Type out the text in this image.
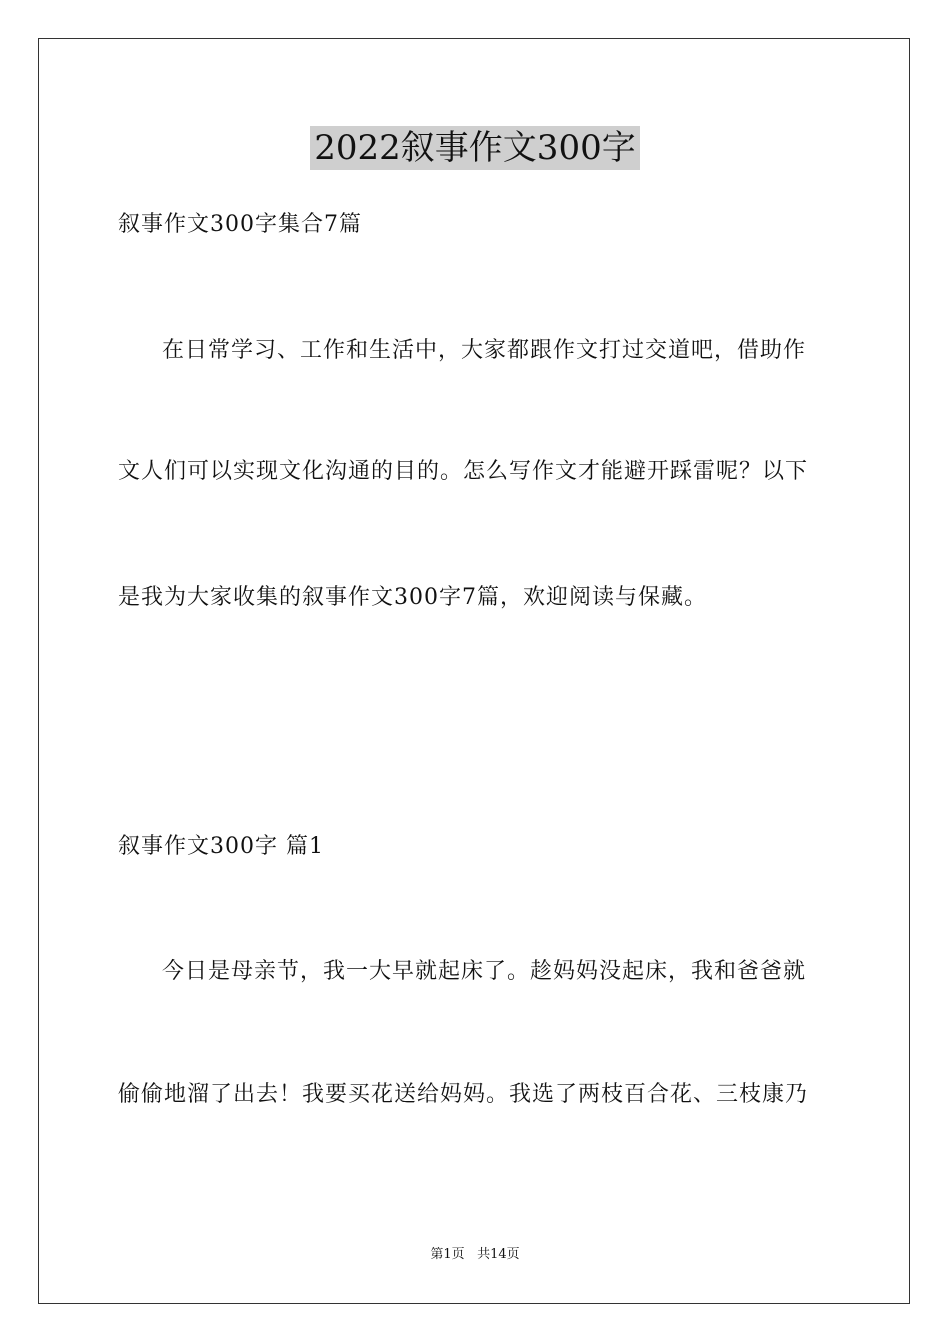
2022叙事作文300字
叙事作文300字集合7篇
在日常学习、工作和生活中，大家都跟作文打过交道吧，借助作
文人们可以实现文化沟通的目的。怎么写作文才能避开踩雷呢？以下
是我为大家收集的叙事作文300字7篇，欢迎阅读与保藏。
叙事作文300字 篇1
今日是母亲节，我一大早就起床了。趁妈妈没起床，我和爸爸就
偷偷地溜了出去！我要买花送给妈妈。我选了两枝百合花、三枝康乃
第1页 共14页
